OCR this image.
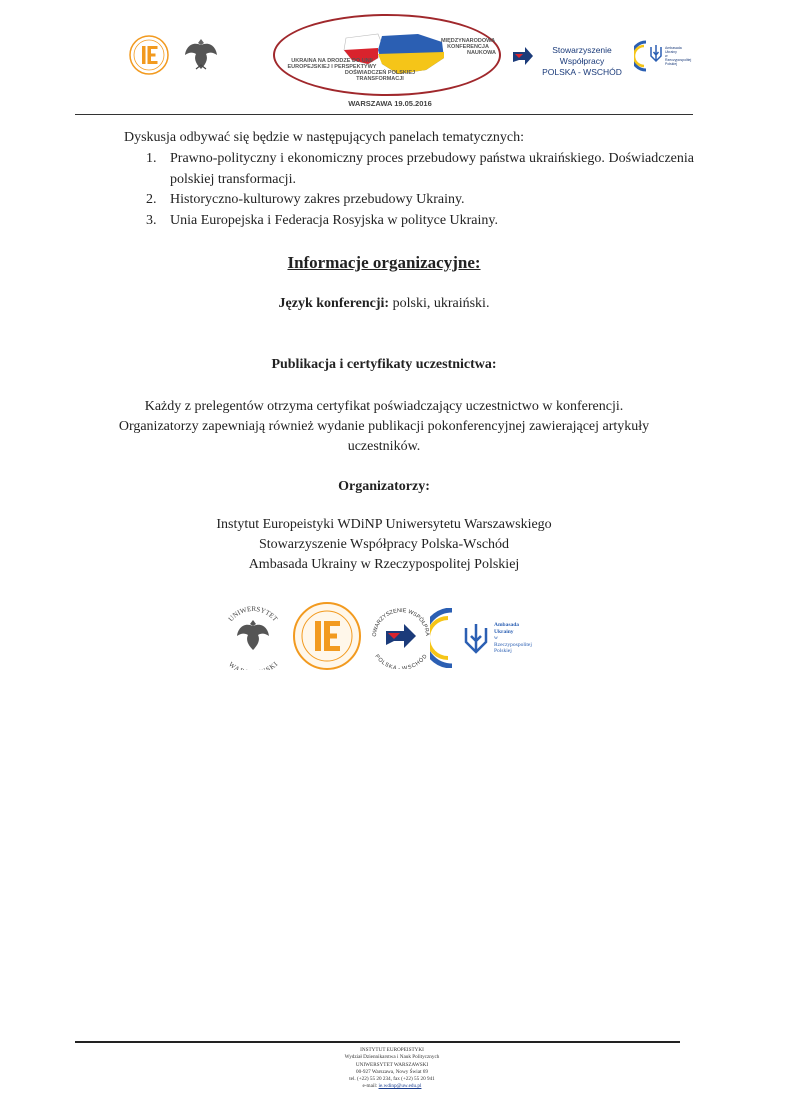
MIĘDZYNARODOWA KONFERENCJA
NAUKOWA
UKRAINA NA DRODZE DO UNII
EUROPEJSKIEJ I PERSPEKTYWY
DOŚWIADCZEŃ POLSKIEJ
TRANSFORMACJI
WARSZAWA 19.05.2016
Stowarzyszenie Współpracy
POLSKA - WSCHÓD
Ambasada
Ukrainy
w
Rzeczypospolitej
Polskiej
Dyskusja odbywać się będzie w następujących panelach tematycznych:
1. Prawno-polityczny i ekonomiczny proces przebudowy państwa ukraińskiego. Doświadczenia polskiej transformacji.
2. Historyczno-kulturowy zakres przebudowy Ukrainy.
3. Unia Europejska i Federacja Rosyjska w polityce Ukrainy.
Informacje organizacyjne:
Język konferencji: polski, ukraiński.
Publikacja i certyfikaty uczestnictwa:
Każdy z prelegentów otrzyma certyfikat poświadczający uczestnictwo w konferencji.
Organizatorzy zapewniają również wydanie publikacji pokonferencyjnej zawierającej artykuły
uczestników.
Organizatorzy:
Instytut Europeistyki WDiNP Uniwersytetu Warszawskiego
Stowarzyszenie Współpracy Polska-Wschód
Ambasada Ukrainy w Rzeczypospolitej Polskiej
UNIWERSYTET
WA SKI
OWARZYSZENIE WSPÓŁPRA
POLSKA - WSCHÓD
Ambasada
Ukrainy
w
Rzeczypospolitej
Polskiej
INSTYTUT EUROPEISTYKI
Wydział Dziennikarstwa i Nauk Politycznych
UNIWERSYTET WARSZAWSKI
00-927 Warszawa, Nowy Świat 69
tel. (+22) 55 20 234, fax (+22) 55 20 941
e-mail: ie.wdinp@uw.edu.pl
